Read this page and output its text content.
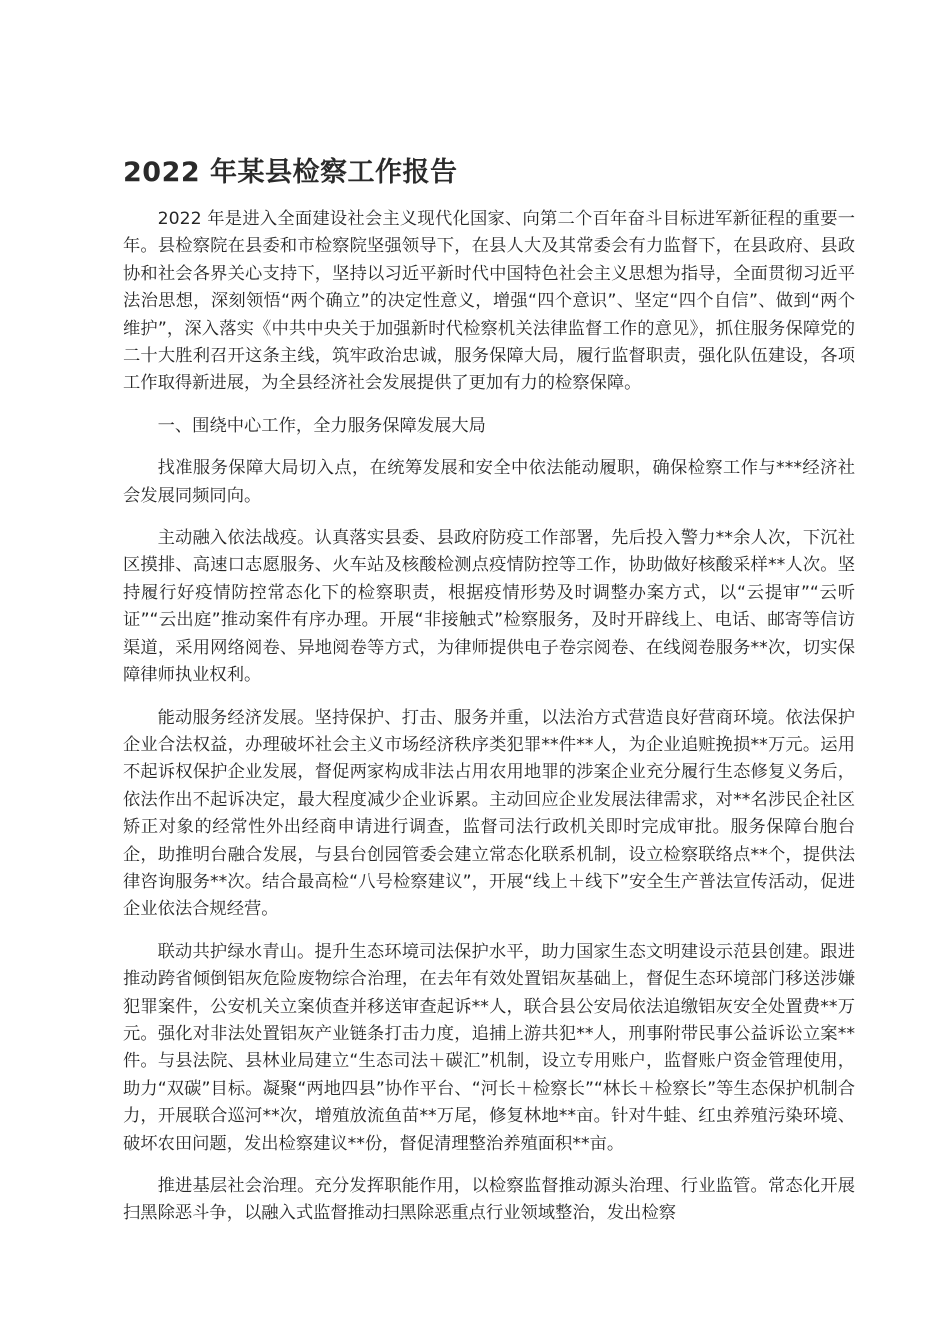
2022 年某县检察工作报告

2022 年是进入全面建设社会主义现代化国家、向第二个百年奋斗目标进军新征程的重要一年。县检察院在县委和市检察院坚强领导下，在县人大及其常委会有力监督下，在县政府、县政协和社会各界关心支持下，坚持以习近平新时代中国特色社会主义思想为指导，全面贯彻习近平法治思想，深刻领悟“两个确立”的决定性意义，增强“四个意识”、坚定“四个自信”、做到“两个维护”，深入落实《中共中央关于加强新时代检察机关法律监督工作的意见》，抓住服务保障党的二十大胜利召开这条主线，筑牢政治忠诚，服务保障大局，履行监督职责，强化队伍建设，各项工作取得新进展，为全县经济社会发展提供了更加有力的检察保障。

一、围绕中心工作，全力服务保障发展大局

找准服务保障大局切入点，在统筹发展和安全中依法能动履职，确保检察工作与***经济社会发展同频同向。

主动融入依法战疫。认真落实县委、县政府防疫工作部署，先后投入警力**余人次，下沉社区摸排、高速口志愿服务、火车站及核酸检测点疫情防控等工作，协助做好核酸采样**人次。坚持履行好疫情防控常态化下的检察职责，根据疫情形势及时调整办案方式，以“云提审”“云听证”“云出庭”推动案件有序办理。开展“非接触式”检察服务，及时开辟线上、电话、邮寄等信访渠道，采用网络阅卷、异地阅卷等方式，为律师提供电子卷宗阅卷、在线阅卷服务**次，切实保障律师执业权利。

能动服务经济发展。坚持保护、打击、服务并重，以法治方式营造良好营商环境。依法保护企业合法权益，办理破坏社会主义市场经济秩序类犯罪**件**人，为企业追赃挽损**万元。运用不起诉权保护企业发展，督促两家构成非法占用农用地罪的涉案企业充分履行生态修复义务后，依法作出不起诉决定，最大程度减少企业诉累。主动回应企业发展法律需求，对**名涉民企社区矫正对象的经常性外出经商申请进行调查，监督司法行政机关即时完成审批。服务保障台胞台企，助推明台融合发展，与县台创园管委会建立常态化联系机制，设立检察联络点**个，提供法律咨询服务**次。结合最高检“八号检察建议”，开展“线上＋线下”安全生产普法宣传活动，促进企业依法合规经营。

联动共护绿水青山。提升生态环境司法保护水平，助力国家生态文明建设示范县创建。跟进推动跨省倾倒铝灰危险废物综合治理，在去年有效处置铝灰基础上，督促生态环境部门移送涉嫌犯罪案件，公安机关立案侦查并移送审查起诉**人，联合县公安局依法追缴铝灰安全处置费**万元。强化对非法处置铝灰产业链条打击力度，追捕上游共犯**人，刑事附带民事公益诉讼立案**件。与县法院、县林业局建立“生态司法＋碳汇”机制，设立专用账户，监督账户资金管理使用，助力“双碳”目标。凝聚“两地四县”协作平台、“河长＋检察长”“林长＋检察长”等生态保护机制合力，开展联合巡河**次，增殖放流鱼苗**万尾，修复林地**亩。针对牛蛙、红虫养殖污染环境、破坏农田问题，发出检察建议**份，督促清理整治养殖面积**亩。

推进基层社会治理。充分发挥职能作用，以检察监督推动源头治理、行业监管。常态化开展扫黑除恶斗争，以融入式监督推动扫黑除恶重点行业领域整治，发出检察
